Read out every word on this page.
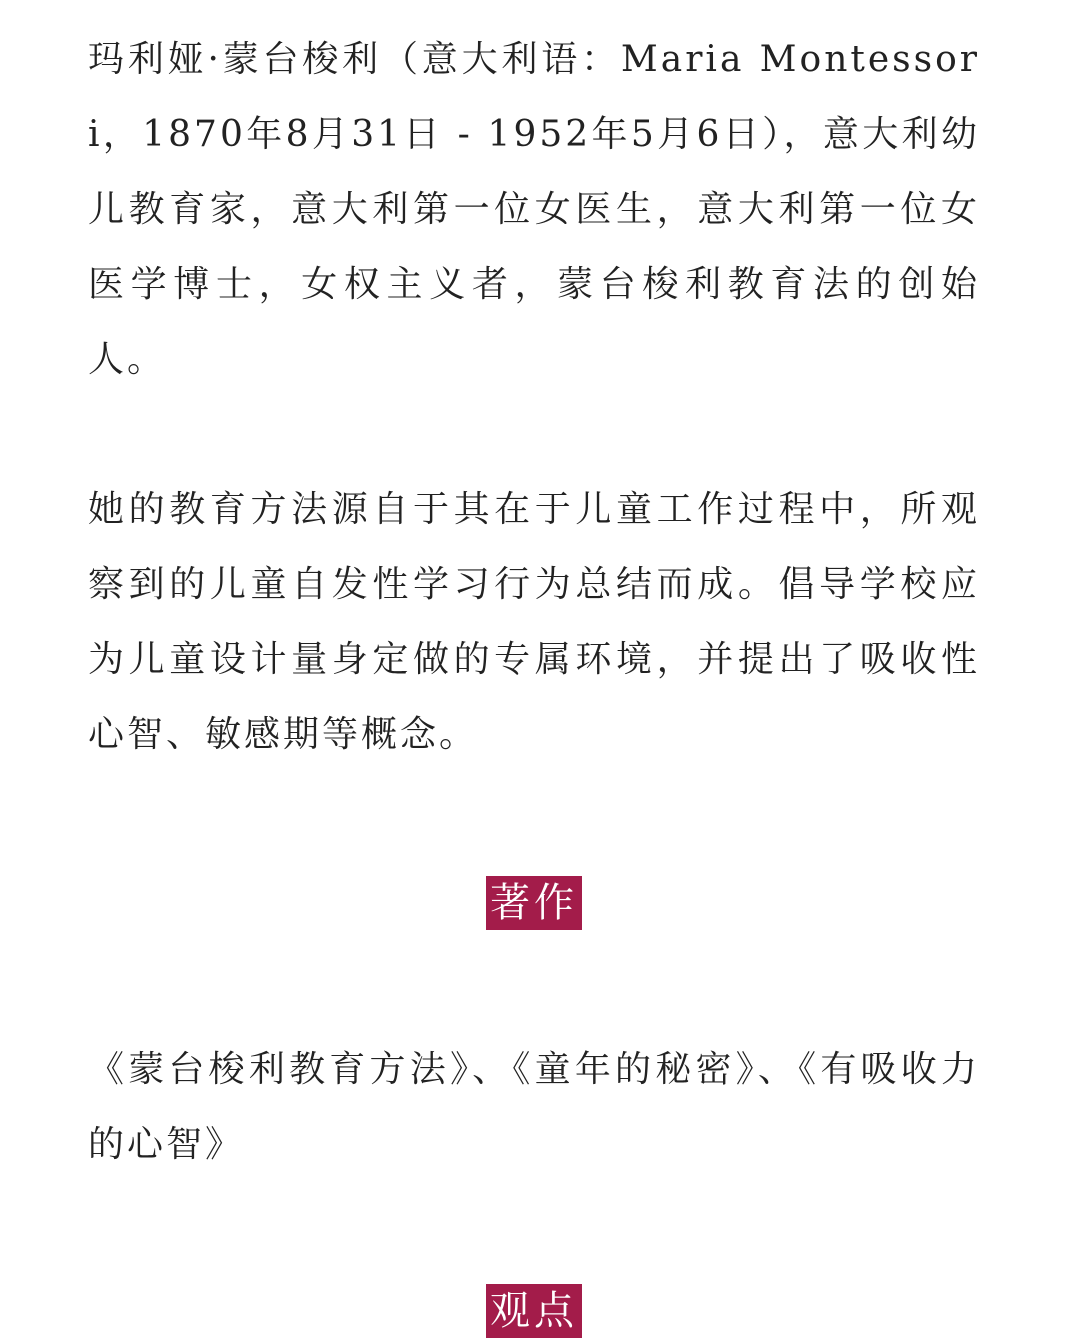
玛利娅·蒙台梭利（意大利语：Maria Montessori，1870年8月31日 - 1952年5月6日），意大利幼儿教育家，意大利第一位女医生，意大利第一位女医学博士，女权主义者，蒙台梭利教育法的创始人。

她的教育方法源自于其在于儿童工作过程中，所观察到的儿童自发性学习行为总结而成。倡导学校应为儿童设计量身定做的专属环境，并提出了吸收性心智、敏感期等概念。

著作

《蒙台梭利教育方法》、《童年的秘密》、《有吸收力的心智》

观点
